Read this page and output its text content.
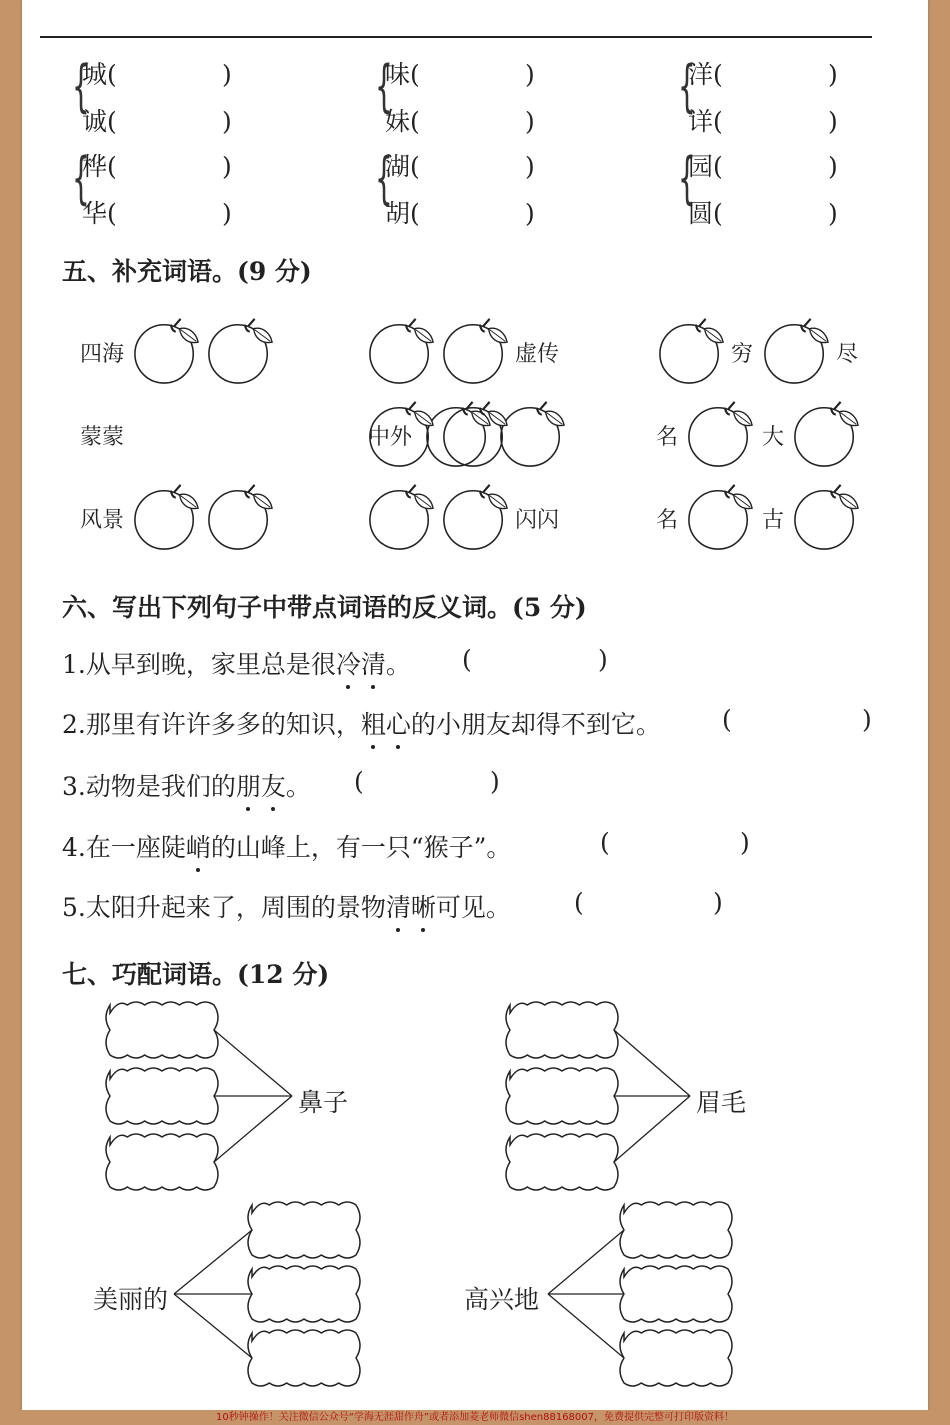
{
城(	)
诚(	)
{
味(	)
妹(	)
{
洋(	)
详(	)
{
桦(	)
华(	)
{
湖(	)
胡(	)
{
园(	)
圆(	)
五、补充词语。(9 分)
四海	虚传	穷	尽
蒙蒙	中外	名	大
风景	闪闪	名	古
六、写出下列句子中带点词语的反义词。(5 分)
1.从早到晚，家里总是很冷清。 (	)
2.那里有许许多多的知识，粗心的小朋友却得不到它。 (	)
3.动物是我们的朋友。 (	)
4.在一座陡峭的山峰上，有一只“猴子”。	(	)
5.太阳升起来了，周围的景物清晰可见。	(	)
七、巧配词语。(12 分)
鼻子	眉毛
美丽的	高兴地
10秒钟操作！关注微信公众号“学海无涯甜作舟”或者添加菱老师微信shen88168007，免费提供完整可打印版资料！
